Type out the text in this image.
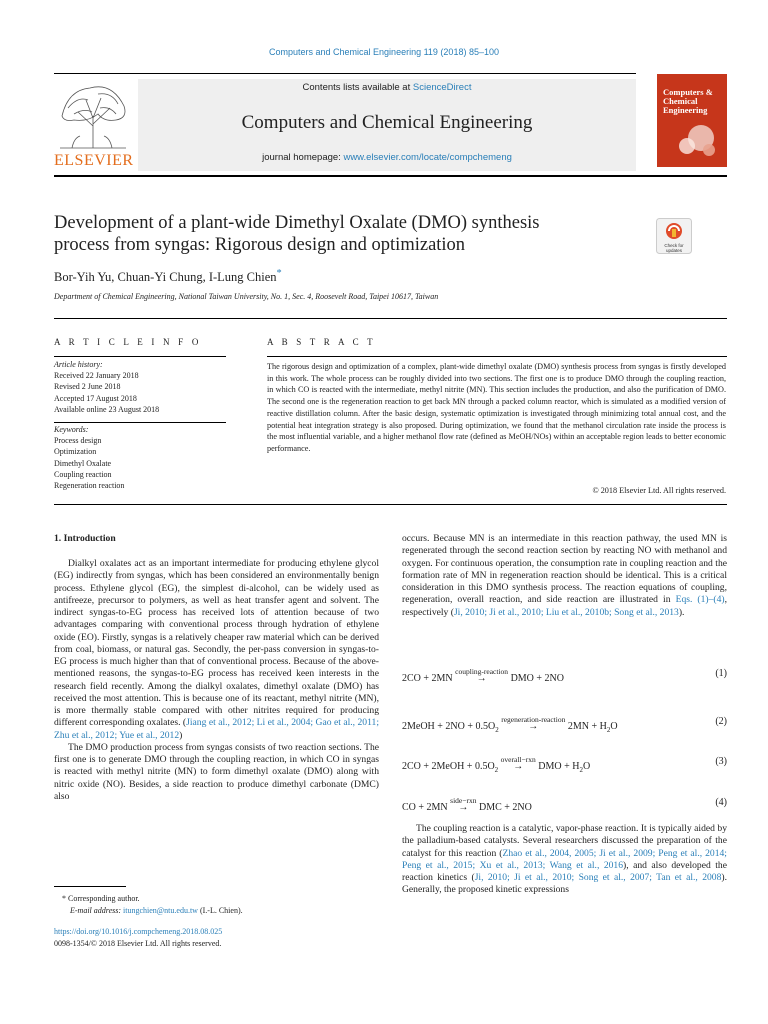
Computers and Chemical Engineering 119 (2018) 85–100
ELSEVIER
Contents lists available at ScienceDirect
Computers and Chemical Engineering
journal homepage: www.elsevier.com/locate/compchemeng
Computers & Chemical Engineering
Development of a plant-wide Dimethyl Oxalate (DMO) synthesis
process from syngas: Rigorous design and optimization	Check for updates
Bor-Yih Yu, Chuan-Yi Chung, I-Lung Chien*
Department of Chemical Engineering, National Taiwan University, No. 1, Sec. 4, Roosevelt Road, Taipei 10617, Taiwan
A R T I C L E I N F O
Article history:
Received 22 January 2018
Revised 2 June 2018
Accepted 17 August 2018
Available online 23 August 2018
Keywords:
Process design
Optimization
Dimethyl Oxalate
Coupling reaction
Regeneration reaction
A B S T R A C T
The rigorous design and optimization of a complex, plant-wide dimethyl oxalate (DMO) synthesis process from syngas is firstly developed in this work. The whole process can be roughly divided into two sections. The first one is to produce DMO through the coupling reaction, in which CO is reacted with the intermediate, methyl nitrite (MN). This section includes the production, and also the purification of DMO. The second one is the regeneration reaction to get back MN through a packed column reactor, which is simulated as a modified version of reactive distillation column. After the basic design, systematic optimization is investigated through minimizing total annual cost, and the potential heat integration strategy is also proposed. During optimization, we found that the methanol circulation rate inside the process is the most influential variable, and a higher methanol flow rate (defined as MeOH/NOs) within an acceptable region leads to better economic performance.
© 2018 Elsevier Ltd. All rights reserved.
1. Introduction

Dialkyl oxalates act as an important intermediate for producing ethylene glycol (EG) indirectly from syngas, which has been considered an environmentally benign process. Ethylene glycol (EG), the simplest di-alcohol, can be widely used as antifreeze, precursor to polymers, as well as heat transfer agent and solvent. The indirect syngas-to-EG process has received lots of attention because of two advantages comparing with conventional process through hydration of ethylene oxide (EO). Firstly, syngas is a relatively cheaper raw material which can be derived from coal, biomass, or natural gas. Secondly, the per-pass conversion in syngas-to-EG process is much higher than that of conventional process. Because of the above-mentioned reasons, the syngas-to-EG process has received keen interests in the research field recently. Among the dialkyl oxalates, dimethyl oxalate (DMO) has received the most attention. This is because one of its reactant, methyl nitrite (MN), is more thermally stable compared with other nitrites required for producing different corresponding oxalates. (Jiang et al., 2012; Li et al., 2004; Gao et al., 2011; Zhu et al., 2012; Yue et al., 2012)

The DMO production process from syngas consists of two reaction sections. The first one is to generate DMO through the coupling reaction, in which CO in syngas is reacted with methyl nitrite (MN) to form dimethyl oxalate (DMO) along with nitric oxide (NO). Besides, a side reaction to produce dimethyl carbonate (DMC) also

occurs. Because MN is an intermediate in this reaction pathway, the used MN is regenerated through the second reaction section by reacting NO with methanol and oxygen. For continuous operation, the consumption rate in coupling reaction and the formation rate of MN in regeneration reaction should be identical. This is a critical consideration in this DMO synthesis process. The reaction equations of coupling, regeneration, overall reaction, and side reaction are illustrated in Eqs. (1)–(4), respectively (Ji, 2010; Ji et al., 2010; Liu et al., 2010b; Song et al., 2013).

2CO + 2MN
coupling-reaction
→	DMO + 2NO	(1)
2MeOH + $2NO + 0.5O_2$
regeneration-reaction
→	$2MN + H_2O$	(2)
2CO + 2MeOH + $0.5O_2$
overall−rxn
→	DMO + $H_2O$	(3)
CO + 2MN
side−rxn
→	DMC + 2NO	(4)

The coupling reaction is a catalytic, vapor-phase reaction. It is typically aided by the palladium-based catalysts. Several researchers discussed the preparation of the catalyst for this reaction (Zhao et al., 2004, 2005; Ji et al., 2009; Peng et al., 2014; Peng et al., 2015; Xu et al., 2013; Wang et al., 2016), and also developed the reaction kinetics (Ji, 2010; Ji et al., 2010; Song et al., 2007; Tan et al., 2008). Generally, the proposed kinetic expressions

* Corresponding author.
E-mail address: itungchien@ntu.edu.tw (I.-L. Chien).
https://doi.org/10.1016/j.compchemeng.2018.08.025
0098-1354/© 2018 Elsevier Ltd. All rights reserved.
